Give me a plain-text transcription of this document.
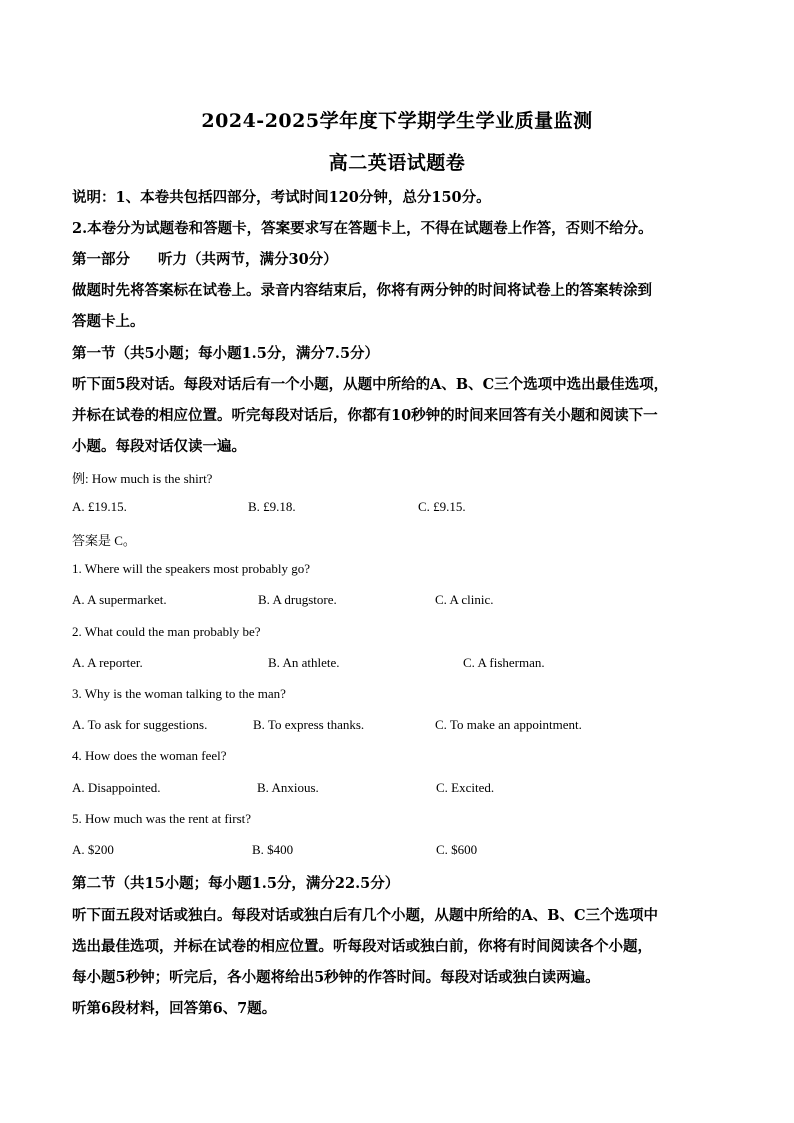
2024-2025学年度下学期学生学业质量监测
高二英语试题卷
说明：1、本卷共包括四部分，考试时间120分钟，总分150分。
2.本卷分为试题卷和答题卡，答案要求写在答题卡上，不得在试题卷上作答，否则不给分。
第一部分 听力（共两节，满分30分）
做题时先将答案标在试卷上。录音内容结束后，你将有两分钟的时间将试卷上的答案转涂到
答题卡上。
第一节（共5小题；每小题1.5分，满分7.5分）
听下面5段对话。每段对话后有一个小题，从题中所给的A、B、C三个选项中选出最佳选项，
并标在试卷的相应位置。听完每段对话后，你都有10秒钟的时间来回答有关小题和阅读下一
小题。每段对话仅读一遍。
例: How much is the shirt?
A. £19.15.	B. £9.18.	C. £9.15.
答案是 C。
1. Where will the speakers most probably go?
A. A supermarket.	B. A drugstore.	C. A clinic.
2. What could the man probably be?
A. A reporter.	B. An athlete.	C. A fisherman.
3. Why is the woman talking to the man?
A. To ask for suggestions.	B. To express thanks.	C. To make an appointment.
4. How does the woman feel?
A. Disappointed.	B. Anxious.	C. Excited.
5. How much was the rent at first?
A. $200	B. $400	C. $600
第二节（共15小题；每小题1.5分，满分22.5分）
听下面五段对话或独白。每段对话或独白后有几个小题，从题中所给的A、B、C三个选项中
选出最佳选项，并标在试卷的相应位置。听每段对话或独白前，你将有时间阅读各个小题，
每小题5秒钟；听完后，各小题将给出5秒钟的作答时间。每段对话或独白读两遍。
听第6段材料，回答第6、7题。
